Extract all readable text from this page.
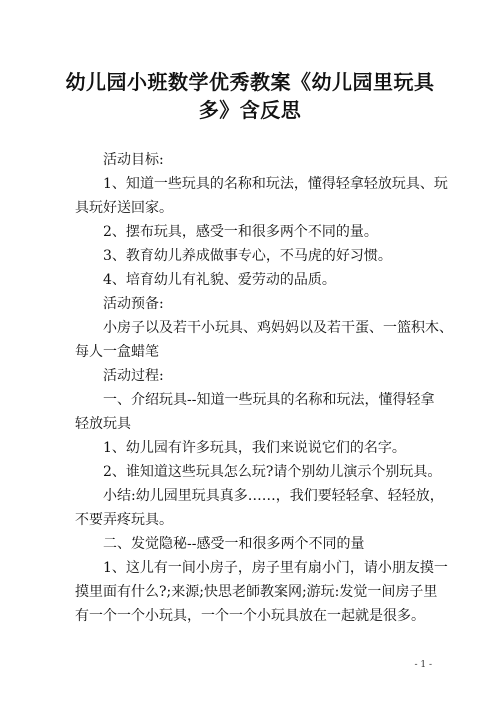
幼儿园小班数学优秀教案《幼儿园里玩具
多》含反思

活动目标:

1、知道一些玩具的名称和玩法，懂得轻拿轻放玩具、玩

具玩好送回家。

2、摆布玩具，感受一和很多两个不同的量。

3、教育幼儿养成做事专心，不马虎的好习惯。

4、培育幼儿有礼貌、爱劳动的品质。

活动预备:

小房子以及若干小玩具、鸡妈妈以及若干蛋、一篮积木、

每人一盒蜡笔

活动过程:

一、介绍玩具--知道一些玩具的名称和玩法，懂得轻拿

轻放玩具

1、幼儿园有许多玩具，我们来说说它们的名字。

2、谁知道这些玩具怎么玩?请个别幼儿演示个别玩具。

小结:幼儿园里玩具真多……，我们要轻轻拿、轻轻放，

不要弄疼玩具。

二、发觉隐秘--感受一和很多两个不同的量

1、这儿有一间小房子，房子里有扇小门，请小朋友摸一

摸里面有什么?;来源;快思老師教案网;游玩:发觉一间房子里

有一个一个小玩具，一个一个小玩具放在一起就是很多。

- 1 -
